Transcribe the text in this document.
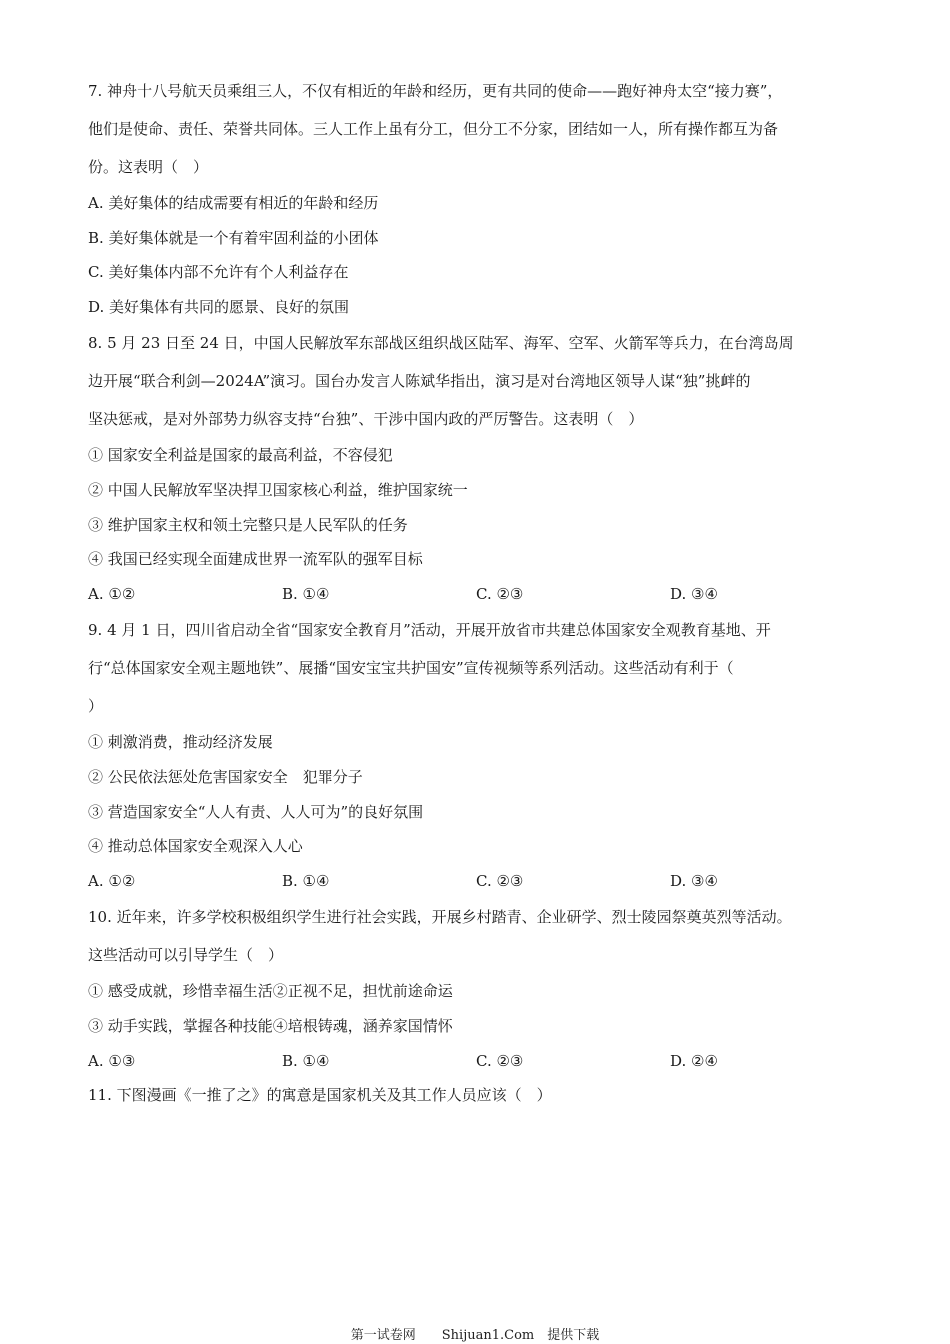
7. 神舟十八号航天员乘组三人，不仅有相近的年龄和经历，更有共同的使命——跑好神舟太空“接力赛”，
他们是使命、责任、荣誉共同体。三人工作上虽有分工，但分工不分家，团结如一人，所有操作都互为备
份。这表明（　）
A. 美好集体的结成需要有相近的年龄和经历
B. 美好集体就是一个有着牢固利益的小团体
C. 美好集体内部不允许有个人利益存在
D. 美好集体有共同的愿景、良好的氛围
8. 5 月 23 日至 24 日，中国人民解放军东部战区组织战区陆军、海军、空军、火箭军等兵力，在台湾岛周
边开展“联合利剑—2024A”演习。国台办发言人陈斌华指出，演习是对台湾地区领导人谋“独”挑衅的
坚决惩戒，是对外部势力纵容支持“台独”、干涉中国内政的严厉警告。这表明（　）
① 国家安全利益是国家的最高利益，不容侵犯
② 中国人民解放军坚决捍卫国家核心利益，维护国家统一
③ 维护国家主权和领土完整只是人民军队的任务
④ 我国已经实现全面建成世界一流军队的强军目标
A. ①②	B. ①④	C. ②③	D. ③④
9. 4 月 1 日，四川省启动全省“国家安全教育月”活动，开展开放省市共建总体国家安全观教育基地、开
行“总体国家安全观主题地铁”、展播“国安宝宝共护国安”宣传视频等系列活动。这些活动有利于（
）
① 刺激消费，推动经济发展
② 公民依法惩处危害国家安全　犯罪分子
③ 营造国家安全“人人有责、人人可为”的良好氛围
④ 推动总体国家安全观深入人心
A. ①②	B. ①④	C. ②③	D. ③④
10. 近年来，许多学校积极组织学生进行社会实践，开展乡村踏青、企业研学、烈士陵园祭奠英烈等活动。
这些活动可以引导学生（　）
① 感受成就，珍惜幸福生活②正视不足，担忧前途命运
③ 动手实践，掌握各种技能④培根铸魂，涵养家国情怀
A. ①③	B. ①④	C. ②③	D. ②④
11. 下图漫画《一推了之》的寓意是国家机关及其工作人员应该（　）
第一试卷网　　Shijuan1.Com　提供下载
